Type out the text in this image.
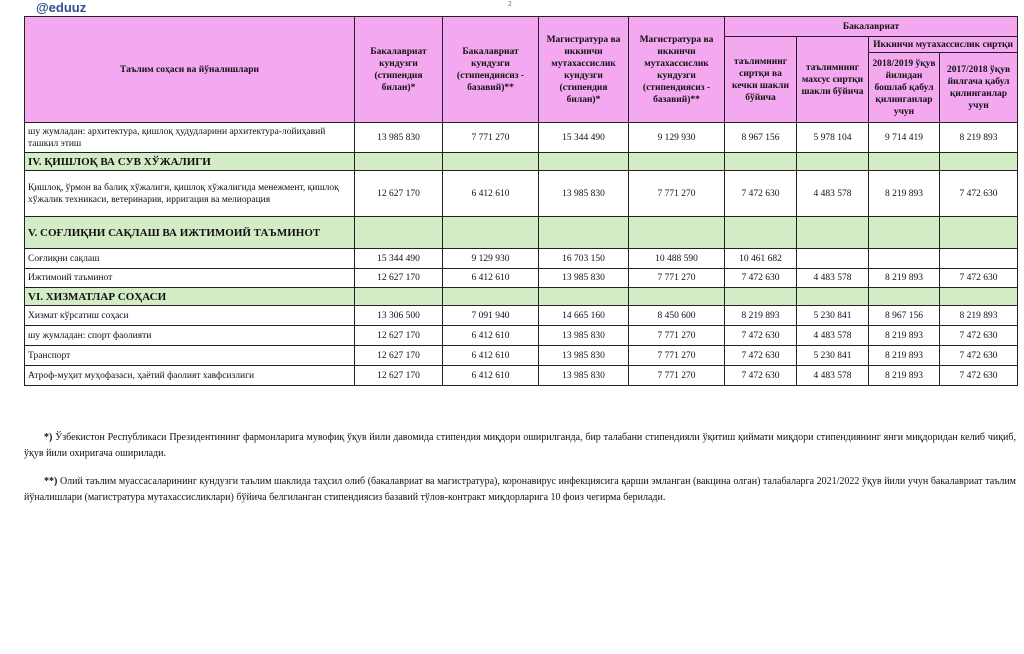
@eduuz	2
Таълим соҳаси ва йўналишлари	Бакалавриат кундузги (стипендия билан)*	Бакалавриат кундузги (стипендиясиз - базавий)**	Магистратура ва иккинчи мутахассислик кундузги (стипендия билан)*	Магистратура ва иккинчи мутахассислик кундузги (стипендиясиз - базавий)**	Бакалавриат			
					таълимнинг сиртқи ва кечки шакли бўйича	таълимнинг махсус сиртқи шакли бўйича	Иккинчи мутахассислик сиртқи	
							2018/2019 ўқув йилидан бошлаб қабул қилинганлар учун	2017/2018 ўқув йилгача қабул қилинганлар учун
шу жумладан: архитектура, қишлоқ ҳудудларини архитектура-лойиҳавий ташкил этиш	13 985 830	7 771 270	15 344 490	9 129 930	8 967 156	5 978 104	9 714 419	8 219 893
IV. ҚИШЛОҚ ВА СУВ ХЎЖАЛИГИ								
Қишлоқ, ўрмон ва балиқ хўжалиги, қишлоқ хўжалигида менежмент, қишлоқ хўжалик техникаси, ветеринария, ирригация ва мелиорация	12 627 170	6 412 610	13 985 830	7 771 270	7 472 630	4 483 578	8 219 893	7 472 630
V. СОҒЛИҚНИ САҚЛАШ ВА ИЖТИМОИЙ ТАЪМИНОТ								
Соғлиқни сақлаш	15 344 490	9 129 930	16 703 150	10 488 590	10 461 682			
Ижтимоий таъминот	12 627 170	6 412 610	13 985 830	7 771 270	7 472 630	4 483 578	8 219 893	7 472 630
VI. ХИЗМАТЛАР СОҲАСИ								
Хизмат кўрсатиш соҳаси	13 306 500	7 091 940	14 665 160	8 450 600	8 219 893	5 230 841	8 967 156	8 219 893
шу жумладан: спорт фаолияти	12 627 170	6 412 610	13 985 830	7 771 270	7 472 630	4 483 578	8 219 893	7 472 630
Транспорт	12 627 170	6 412 610	13 985 830	7 771 270	7 472 630	5 230 841	8 219 893	7 472 630
Атроф-муҳит муҳофазаси, ҳаётий фаолият хавфсизлиги	12 627 170	6 412 610	13 985 830	7 771 270	7 472 630	4 483 578	8 219 893	7 472 630
*) Ўзбекистон Республикаси Президентининг фармонларига мувофиқ ўқув йили давомида стипендия миқдори оширилганда, бир талабани стипендияли ўқитиш қиймати миқдори стипендиянинг янги миқдоридан келиб чиқиб, ўқув йили охиригача оширилади.
**) Олий таълим муассасаларининг кундузги таълим шаклида таҳсил олиб (бакалавриат ва магистратура), коронавирус инфекциясига қарши эмланган (вакцина олган) талабаларга 2021/2022 ўқув йили учун бакалавриат таълим йўналишлари (магистратура мутахассисликлари) бўйича белгиланган стипендиясиз базавий тўлов-контракт миқдорларига 10 фоиз чегирма берилади.
